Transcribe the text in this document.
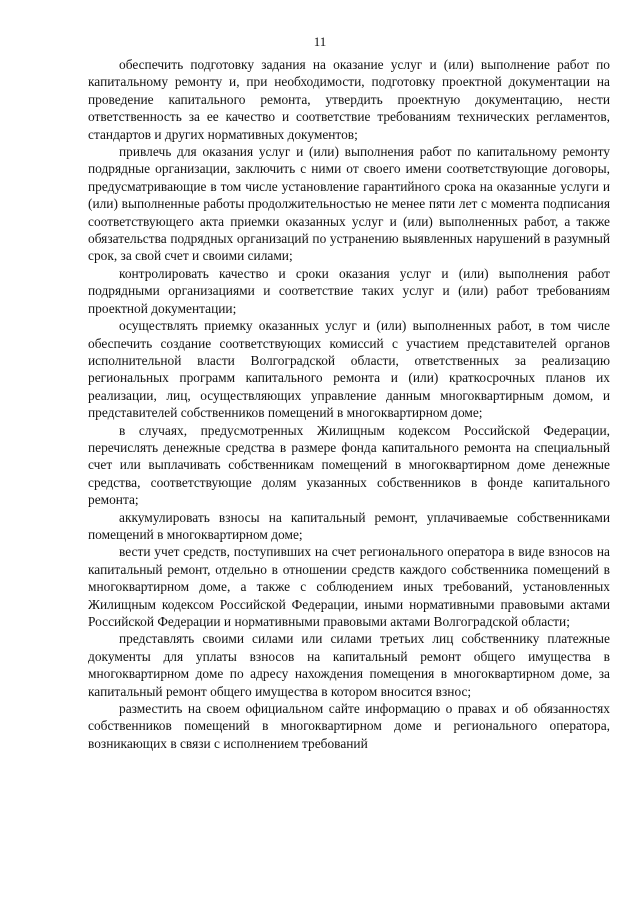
11

обеспечить подготовку задания на оказание услуг и (или) выполнение работ по капитальному ремонту и, при необходимости, подготовку проектной документации на проведение капитального ремонта, утвердить проектную документацию, нести ответственность за ее качество и соответствие требованиям технических регламентов, стандартов и других нормативных документов;

привлечь для оказания услуг и (или) выполнения работ по капитальному ремонту подрядные организации, заключить с ними от своего имени соответствующие договоры, предусматривающие в том числе установление гарантийного срока на оказанные услуги и (или) выполненные работы продолжительностью не менее пяти лет с момента подписания соответствующего акта приемки оказанных услуг и (или) выполненных работ, а также обязательства подрядных организаций по устранению выявленных нарушений в разумный срок, за свой счет и своими силами;

контролировать качество и сроки оказания услуг и (или) выполнения работ подрядными организациями и соответствие таких услуг и (или) работ требованиям проектной документации;

осуществлять приемку оказанных услуг и (или) выполненных работ, в том числе обеспечить создание соответствующих комиссий с участием представителей органов исполнительной власти Волгоградской области, ответственных за реализацию региональных программ капитального ремонта и (или) краткосрочных планов их реализации, лиц, осуществляющих управление данным многоквартирным домом, и представителей собственников помещений в многоквартирном доме;

в случаях, предусмотренных Жилищным кодексом Российской Федерации, перечислять денежные средства в размере фонда капитального ремонта на специальный счет или выплачивать собственникам помещений в многоквартирном доме денежные средства, соответствующие долям указанных собственников в фонде капитального ремонта;

аккумулировать взносы на капитальный ремонт, уплачиваемые собственниками помещений в многоквартирном доме;

вести учет средств, поступивших на счет регионального оператора в виде взносов на капитальный ремонт, отдельно в отношении средств каждого собственника помещений в многоквартирном доме, а также с соблюдением иных требований, установленных Жилищным кодексом Российской Федерации, иными нормативными правовыми актами Российской Федерации и нормативными правовыми актами Волгоградской области;

представлять своими силами или силами третьих лиц собственнику платежные документы для уплаты взносов на капитальный ремонт общего имущества в многоквартирном доме по адресу нахождения помещения в многоквартирном доме, за капитальный ремонт общего имущества в котором вносится взнос;

разместить на своем официальном сайте информацию о правах и об обязанностях собственников помещений в многоквартирном доме и регионального оператора, возникающих в связи с исполнением требований
